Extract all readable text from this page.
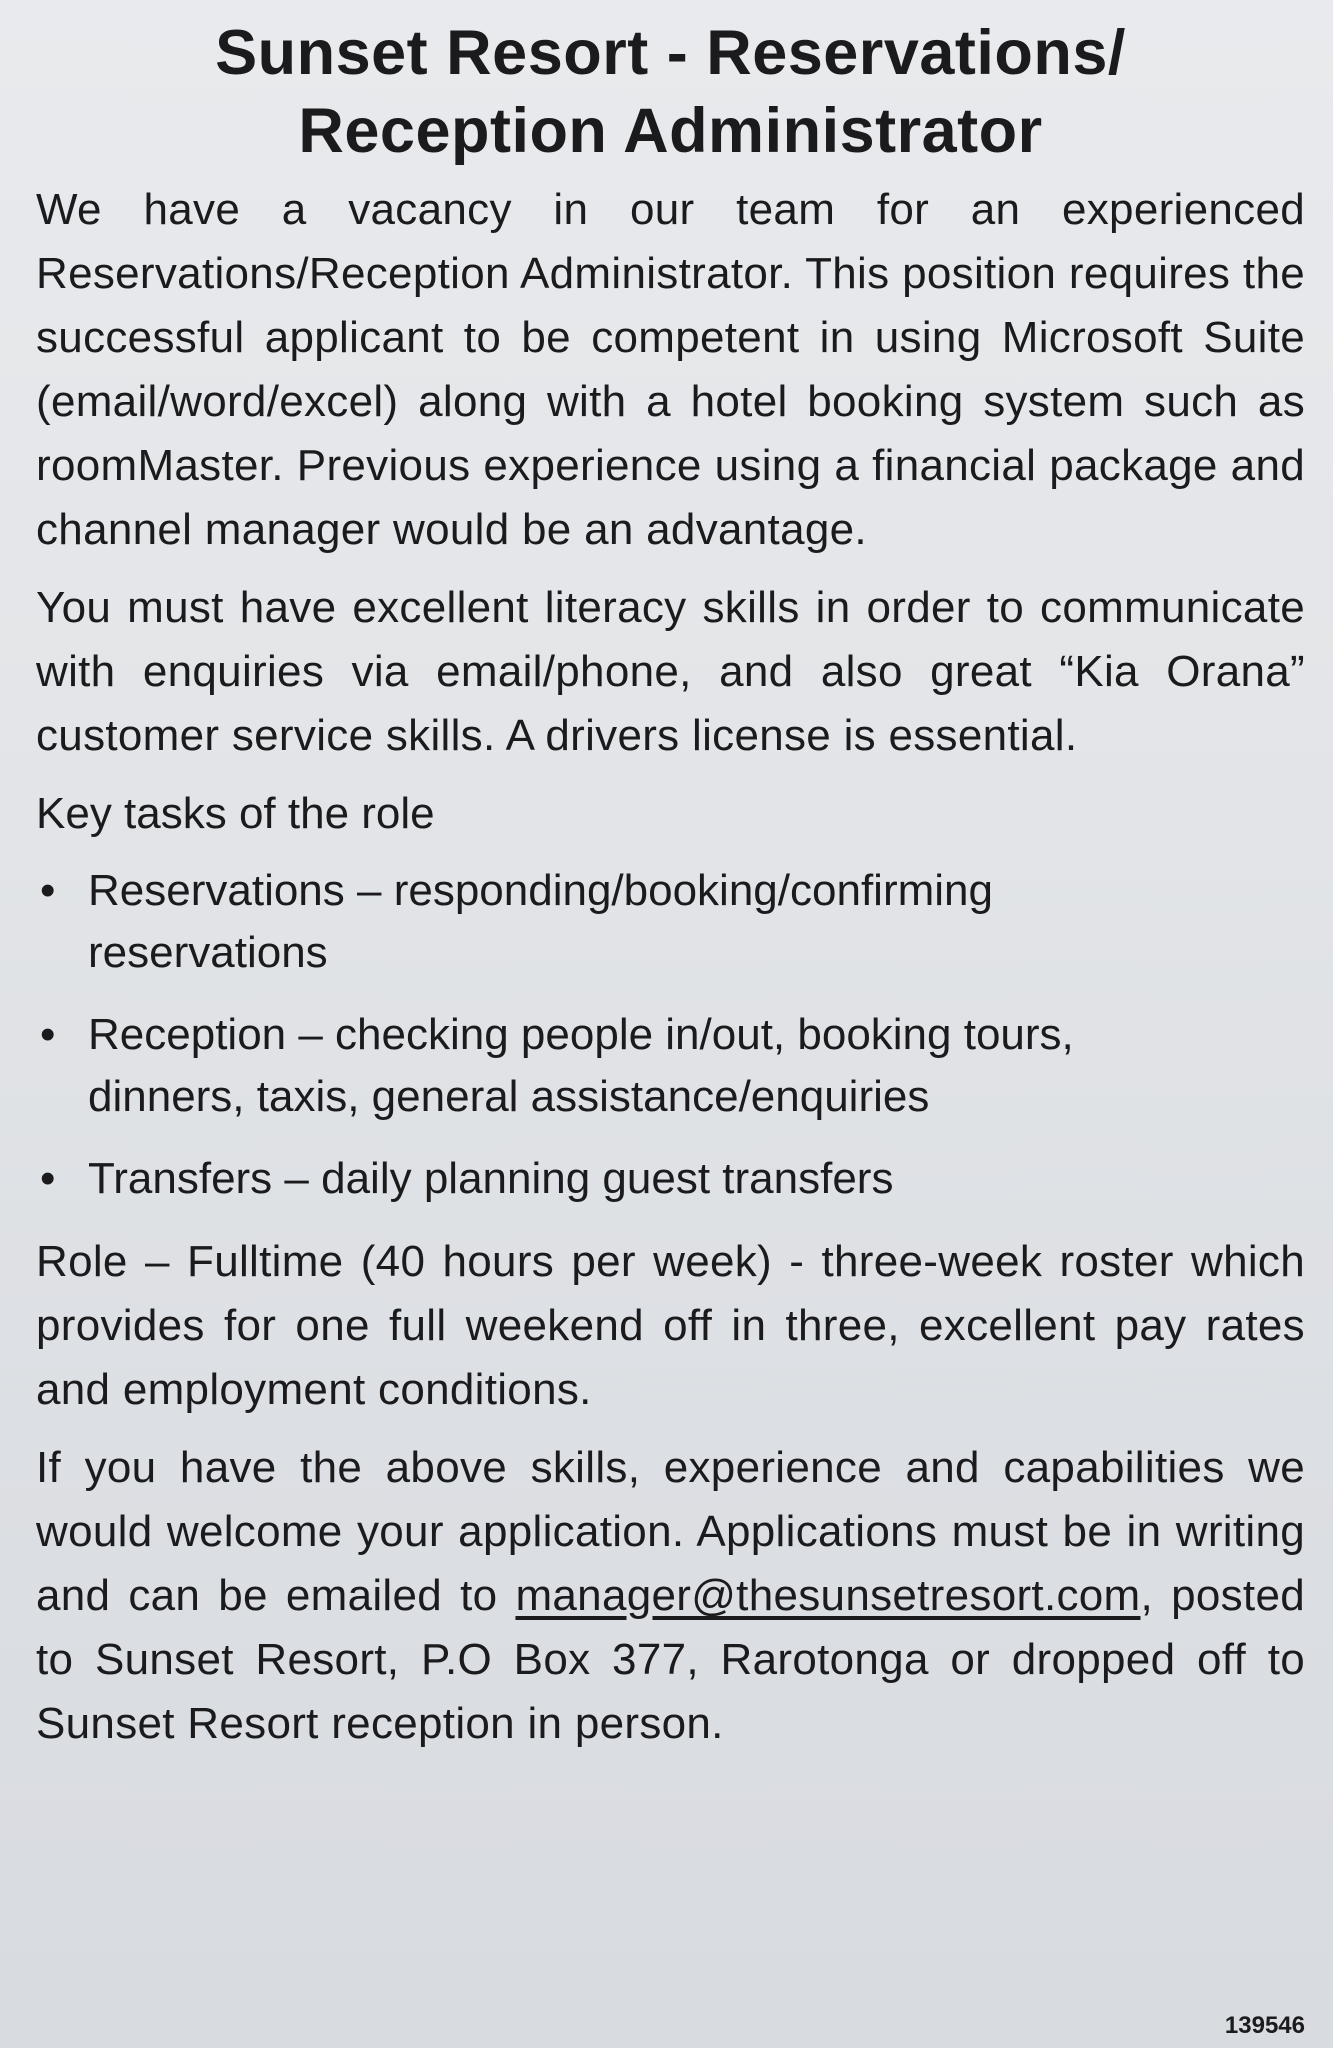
Sunset Resort - Reservations/
Reception Administrator

We have a vacancy in our team for an experienced Reservations/Reception Administrator. This position requires the successful applicant to be competent in using Microsoft Suite (email/word/excel) along with a hotel booking system such as roomMaster. Previous experience using a financial package and channel manager would be an advantage.

You must have excellent literacy skills in order to communicate with enquiries via email/phone, and also great “Kia Orana” customer service skills. A drivers license is essential.

Key tasks of the role
• Reservations – responding/booking/confirming reservations
• Reception – checking people in/out, booking tours, dinners, taxis, general assistance/enquiries
• Transfers – daily planning guest transfers

Role – Fulltime (40 hours per week) - three-week roster which provides for one full weekend off in three, excellent pay rates and employment conditions.

If you have the above skills, experience and capabilities we would welcome your application. Applications must be in writing and can be emailed to manager@thesunsetresort.com, posted to Sunset Resort, P.O Box 377, Rarotonga or dropped off to Sunset Resort reception in person.

139546
